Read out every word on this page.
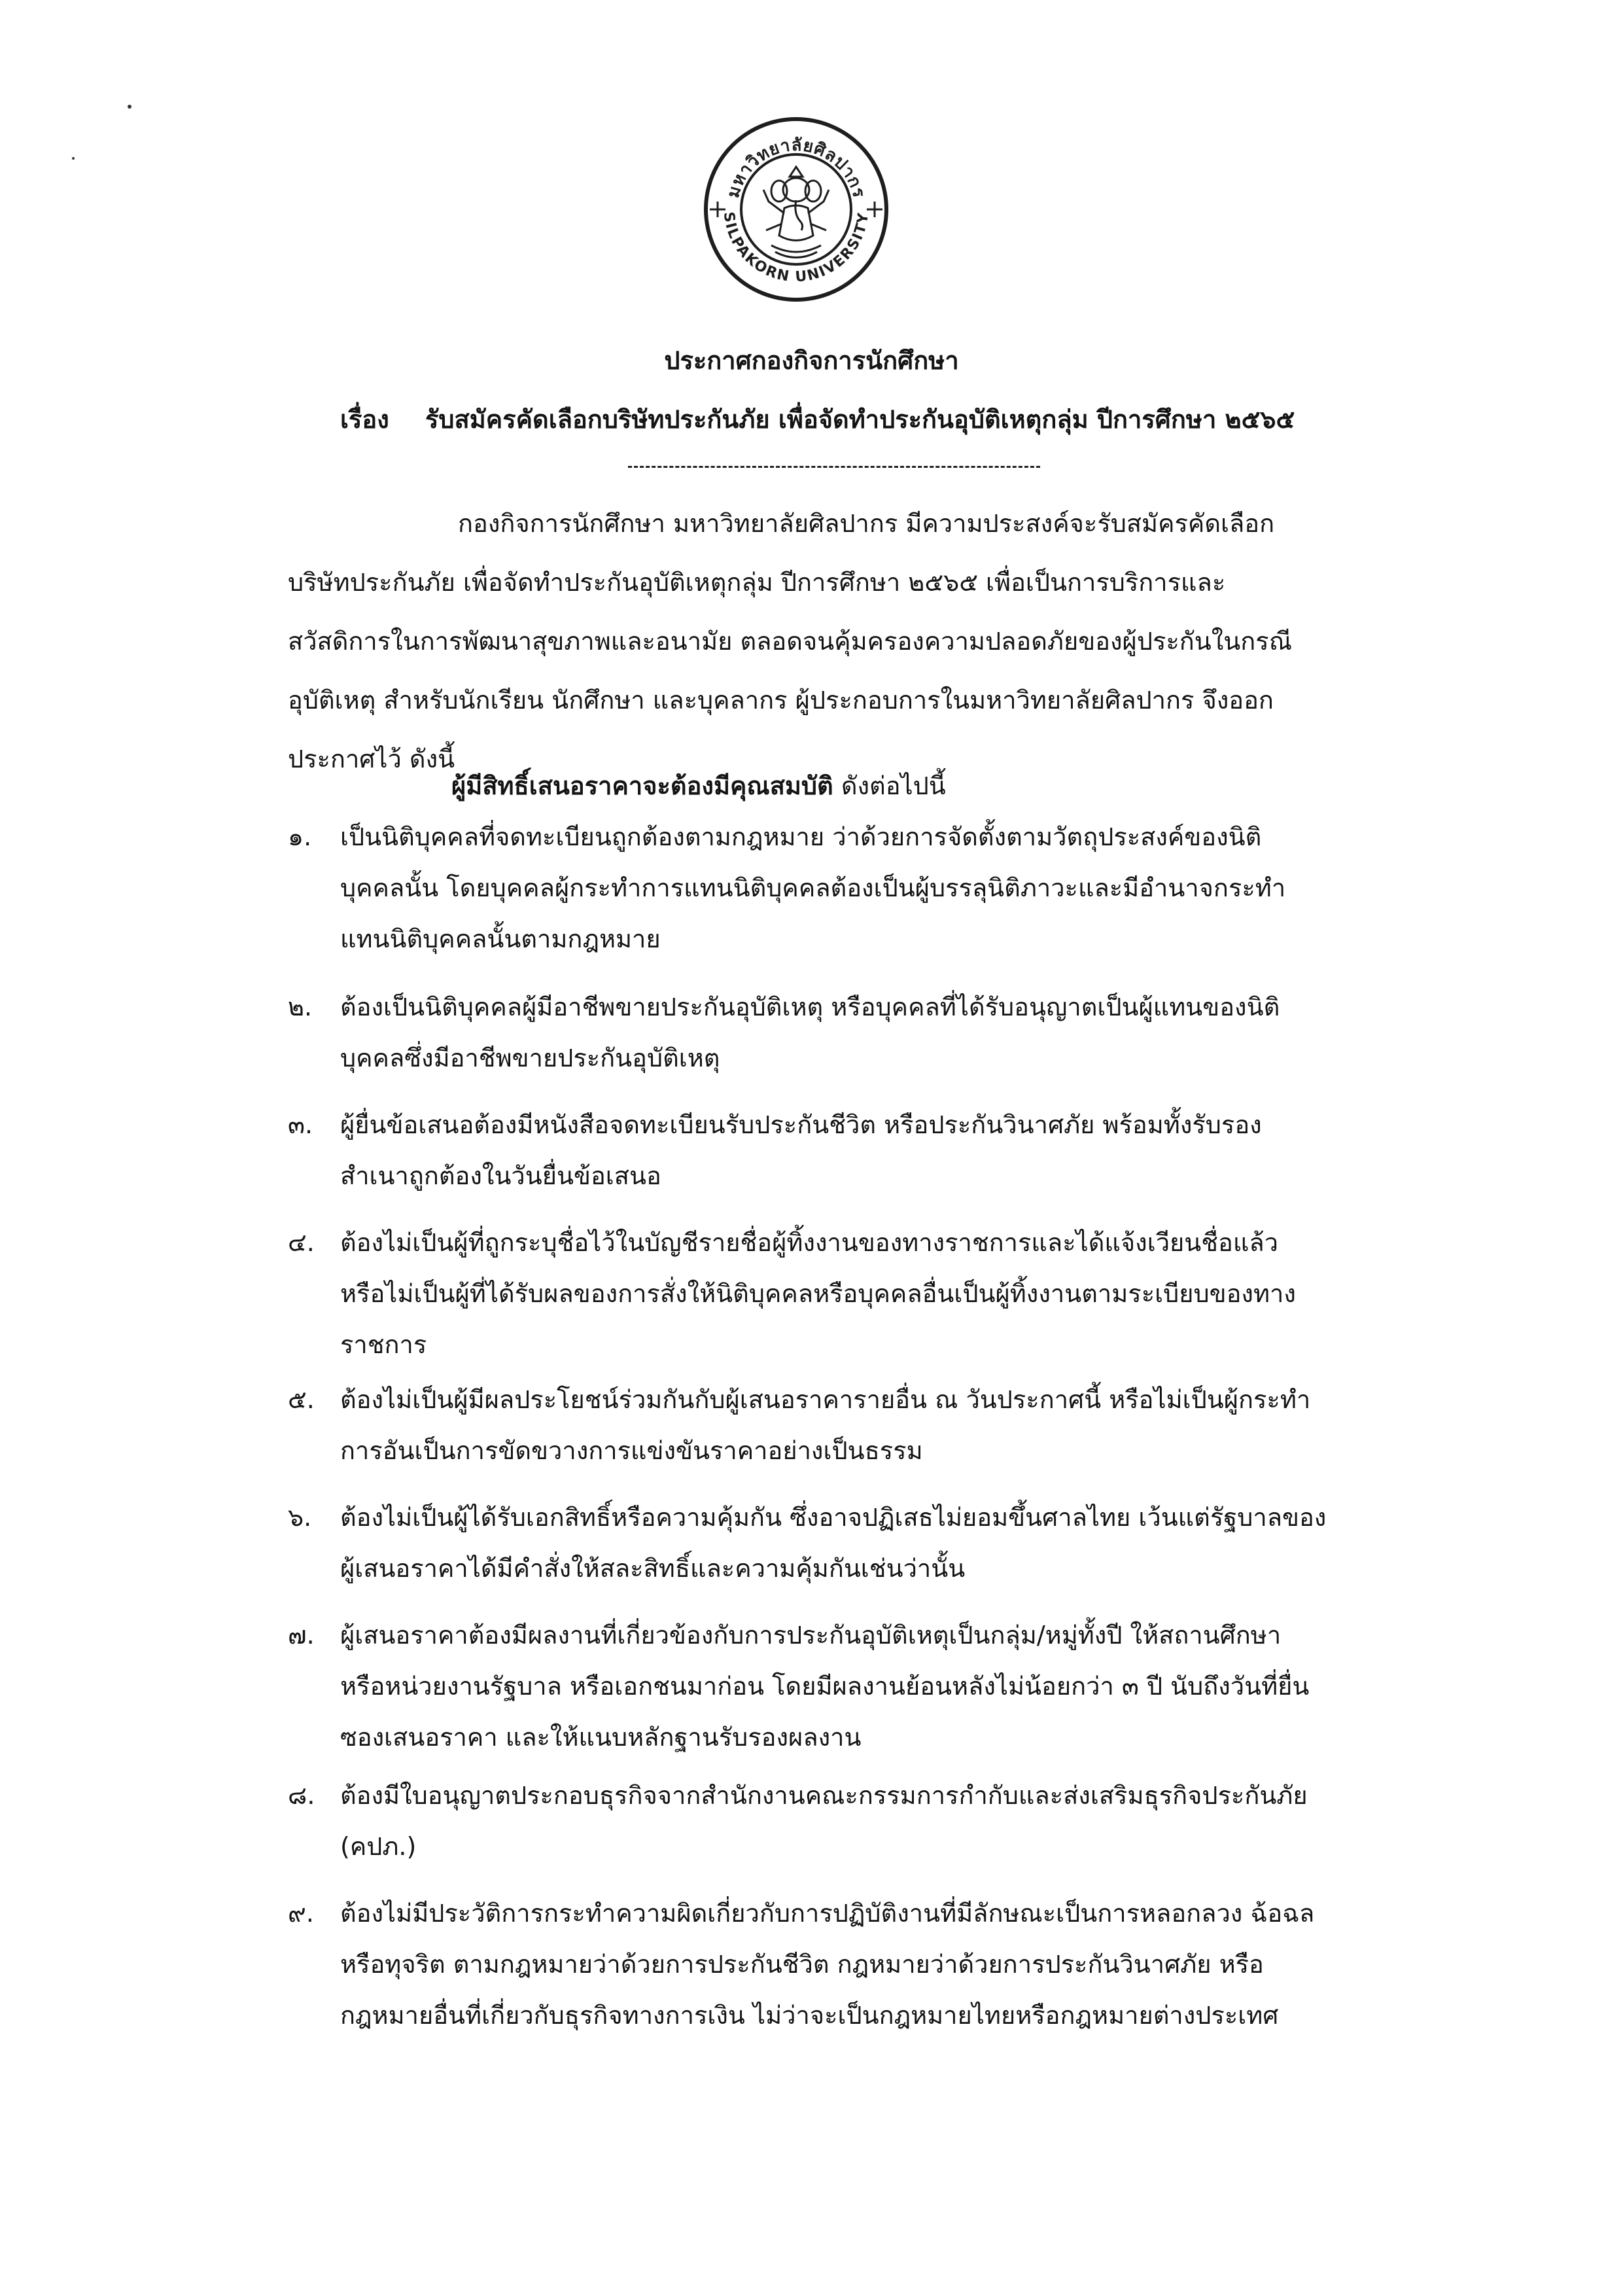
มหาวิทยาลัยศิลปากร
SILPAKORN UNIVERSITY
ประกาศกองกิจการนักศึกษา
เรื่อง รับสมัครคัดเลือกบริษัทประกันภัย เพื่อจัดทำประกันอุบัติเหตุกลุ่ม ปีการศึกษา ๒๕๖๕
กองกิจการนักศึกษา มหาวิทยาลัยศิลปากร มีความประสงค์จะรับสมัครคัดเลือก
บริษัทประกันภัย เพื่อจัดทำประกันอุบัติเหตุกลุ่ม ปีการศึกษา ๒๕๖๕ เพื่อเป็นการบริการและ
สวัสดิการในการพัฒนาสุขภาพและอนามัย ตลอดจนคุ้มครองความปลอดภัยของผู้ประกันในกรณี
อุบัติเหตุ สำหรับนักเรียน นักศึกษา และบุคลากร ผู้ประกอบการในมหาวิทยาลัยศิลปากร จึงออก
ประกาศไว้ ดังนี้
ผู้มีสิทธิ์เสนอราคาจะต้องมีคุณสมบัติ ดังต่อไปนี้
๑.	เป็นนิติบุคคลที่จดทะเบียนถูกต้องตามกฎหมาย ว่าด้วยการจัดตั้งตามวัตถุประสงค์ของนิติ
บุคคลนั้น โดยบุคคลผู้กระทำการแทนนิติบุคคลต้องเป็นผู้บรรลุนิติภาวะและมีอำนาจกระทำ
แทนนิติบุคคลนั้นตามกฎหมาย
๒.	ต้องเป็นนิติบุคคลผู้มีอาชีพขายประกันอุบัติเหตุ หรือบุคคลที่ได้รับอนุญาตเป็นผู้แทนของนิติ
บุคคลซึ่งมีอาชีพขายประกันอุบัติเหตุ
๓.	ผู้ยื่นข้อเสนอต้องมีหนังสือจดทะเบียนรับประกันชีวิต หรือประกันวินาศภัย พร้อมทั้งรับรอง
สำเนาถูกต้องในวันยื่นข้อเสนอ
๔.	ต้องไม่เป็นผู้ที่ถูกระบุชื่อไว้ในบัญชีรายชื่อผู้ทิ้งงานของทางราชการและได้แจ้งเวียนชื่อแล้ว
หรือไม่เป็นผู้ที่ได้รับผลของการสั่งให้นิติบุคคลหรือบุคคลอื่นเป็นผู้ทิ้งงานตามระเบียบของทาง
ราชการ
๕.	ต้องไม่เป็นผู้มีผลประโยชน์ร่วมกันกับผู้เสนอราคารายอื่น ณ วันประกาศนี้ หรือไม่เป็นผู้กระทำ
การอันเป็นการขัดขวางการแข่งขันราคาอย่างเป็นธรรม
๖.	ต้องไม่เป็นผู้ได้รับเอกสิทธิ์หรือความคุ้มกัน ซึ่งอาจปฏิเสธไม่ยอมขึ้นศาลไทย เว้นแต่รัฐบาลของ
ผู้เสนอราคาได้มีคำสั่งให้สละสิทธิ์และความคุ้มกันเช่นว่านั้น
๗.	ผู้เสนอราคาต้องมีผลงานที่เกี่ยวข้องกับการประกันอุบัติเหตุเป็นกลุ่ม/หมู่ทั้งปี ให้สถานศึกษา
หรือหน่วยงานรัฐบาล หรือเอกชนมาก่อน โดยมีผลงานย้อนหลังไม่น้อยกว่า ๓ ปี นับถึงวันที่ยื่น
ซองเสนอราคา และให้แนบหลักฐานรับรองผลงาน
๘.	ต้องมีใบอนุญาตประกอบธุรกิจจากสำนักงานคณะกรรมการกำกับและส่งเสริมธุรกิจประกันภัย
(คปภ.)
๙.	ต้องไม่มีประวัติการกระทำความผิดเกี่ยวกับการปฏิบัติงานที่มีลักษณะเป็นการหลอกลวง ฉ้อฉล
หรือทุจริต ตามกฎหมายว่าด้วยการประกันชีวิต กฎหมายว่าด้วยการประกันวินาศภัย หรือ
กฎหมายอื่นที่เกี่ยวกับธุรกิจทางการเงิน ไม่ว่าจะเป็นกฎหมายไทยหรือกฎหมายต่างประเทศ
